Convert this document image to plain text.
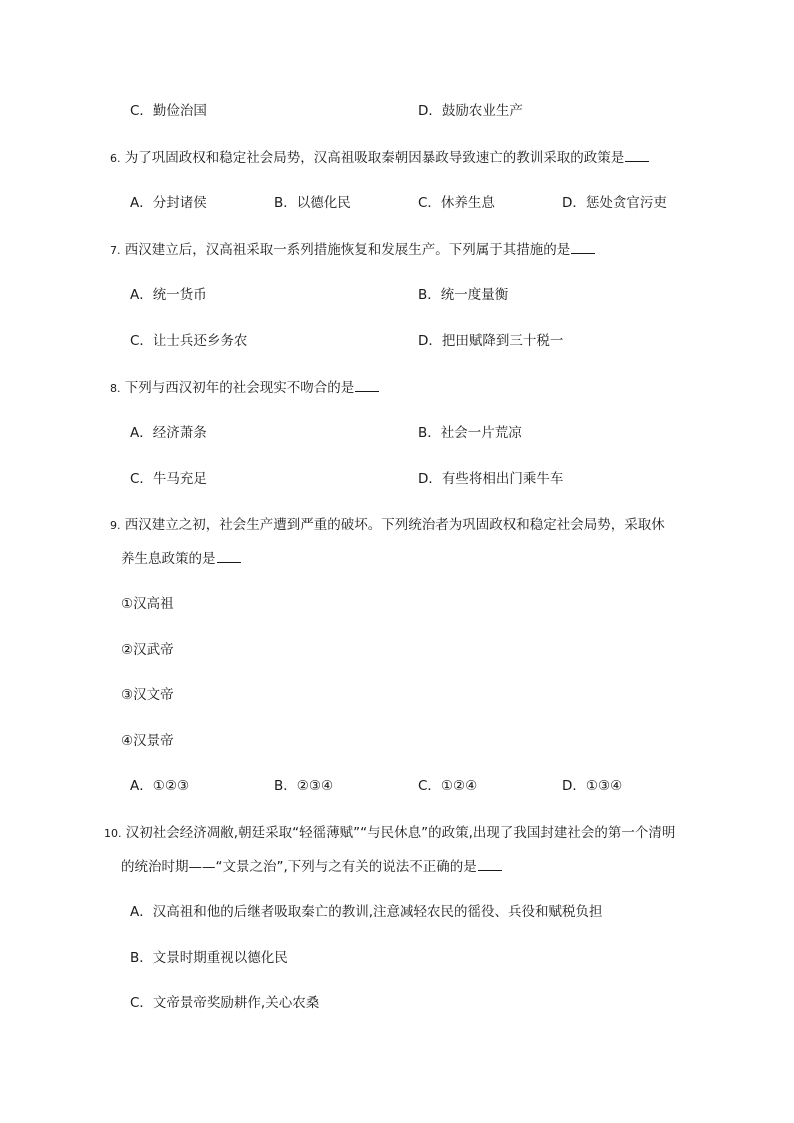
C．勤俭治国	D．鼓励农业生产
6. 为了巩固政权和稳定社会局势，汉高祖吸取秦朝因暴政导致速亡的教训采取的政策是
A．分封诸侯	B．以德化民	C．休养生息	D．惩处贪官污吏
7. 西汉建立后，汉高祖采取一系列措施恢复和发展生产。下列属于其措施的是
A．统一货币	B．统一度量衡
C．让士兵还乡务农	D．把田赋降到三十税一
8. 下列与西汉初年的社会现实不吻合的是
A．经济萧条	B．社会一片荒凉
C．牛马充足	D．有些将相出门乘牛车
9. 西汉建立之初，社会生产遭到严重的破坏。下列统治者为巩固政权和稳定社会局势，采取休
养生息政策的是
①汉高祖
②汉武帝
③汉文帝
④汉景帝
A．①②③	B．②③④	C．①②④	D．①③④
10. 汉初社会经济凋敝,朝廷采取“轻徭薄赋”“与民休息”的政策,出现了我国封建社会的第一个清明
的统治时期——“文景之治”,下列与之有关的说法不正确的是
A．汉高祖和他的后继者吸取秦亡的教训,注意减轻农民的徭役、兵役和赋税负担
B．文景时期重视以德化民
C．文帝景帝奖励耕作,关心农桑
